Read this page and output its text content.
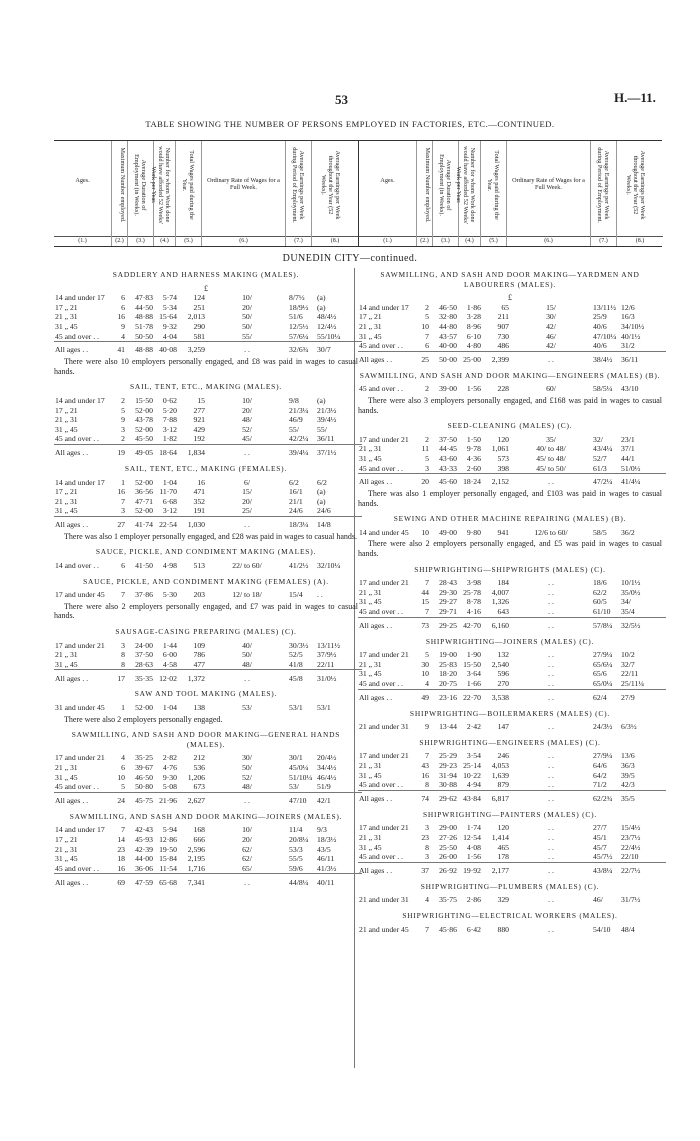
53	H.—11.
TABLE SHOWING THE NUMBER OF PERSONS EMPLOYED IN FACTORIES, ETC.—CONTINUED.
Ages.
(1.)
Maximum Number employed.
(2.)
Average Duration of Employment (in Weeks).
(3.)
Number for whom Work done would have afforded 52 Weeks' Work per Year.
(4.)
Total Wages paid during the Year.
(5.)
Ordinary Rate of Wages for a Full Week.
(6.)
Average Earnings per Week during Period of Employment.
(7.)
Average Earnings per Week throughout the Year (52 Weeks).
(8.)
Ages.
(1.)
Maximum Number employed.
(2.)
Average Duration of Employment (in Weeks).
(3.)
Number for whom Work done would have afforded 52 Weeks' Work per Year.
(4.)
Total Wages paid during the Year.
(5.)
Ordinary Rate of Wages for a Full Week.
(6.)
Average Earnings per Week during Period of Employment.
(7.)
Average Earnings per Week throughout the Year (52 Weeks).
(8.)
DUNEDIN CITY—continued.
SADDLERY AND HARNESS MAKING (MALES).
£
14 and under 17	6	47·83	5·74	124	10/	8/7½	(a)
17 „ 21	6	44·50	5·34	251	20/	18/9½	(a)
21 „ 31	16	48·88	15·64	2,013	50/	51/6	48/4½
31 „ 45	9	51·78	9·32	290	50/	12/5½	12/4½
45 and over . .	4	50·50	4·04	581	55/	57/6¼	55/10¼
All ages . .	41	48·88	40·08	3,259	. .	32/6¾	30/7
There were also 10 employers personally engaged, and £8 was paid in wages to casual hands.
SAIL, TENT, ETC., MAKING (MALES).
14 and under 17	2	15·50	0·62	15	10/	9/8	(a)
17 „ 21	5	52·00	5·20	277	20/	21/3¼	21/3½
21 „ 31	9	43·78	7·88	921	48/	46/9	39/4½
31 „ 45	3	52·00	3·12	429	52/	55/	55/
45 and over . .	2	45·50	1·82	192	45/	42/2¼	36/11
All ages . .	19	49·05	18·64	1,834	. .	39/4¼	37/1½
SAIL, TENT, ETC., MAKING (FEMALES).
14 and under 17	1	52·00	1·04	16	6/	6/2	6/2
17 „ 21	16	36·56	11·70	471	15/	16/1	(a)
21 „ 31	7	47·71	6·68	352	20/	21/1	(a)
31 „ 45	3	52·00	3·12	191	25/	24/6	24/6
All ages . .	27	41·74	22·54	1,030	. .	18/3¼	14/8
There was also 1 employer personally engaged, and £28 was paid in wages to casual hands.
SAUCE, PICKLE, AND CONDIMENT MAKING (MALES).
14 and over . .	6	41·50	4·98	513	22/ to 60/	41/2½	32/10¼
SAUCE, PICKLE, AND CONDIMENT MAKING (FEMALES) (A).
17 and under 45	7	37·86	5·30	203	12/ to 18/	15/4	. .
There were also 2 employers personally engaged, and £7 was paid in wages to casual hands.
SAUSAGE-CASING PREPARING (MALES) (C).
17 and under 21	3	24·00	1·44	109	40/	30/3½	13/11½
21 „ 31	8	37·50	6·00	786	50/	52/5	37/9½
31 „ 45	8	28·63	4·58	477	48/	41/8	22/11
All ages . .	17	35·35	12·02	1,372	. .	45/8	31/0½
SAW AND TOOL MAKING (MALES).
31 and under 45	1	52·00	1·04	138	53/	53/1	53/1
There were also 2 employers personally engaged.
SAWMILLING, AND SASH AND DOOR MAKING—GENERAL HANDS (MALES).
17 and under 21	4	35·25	2·82	212	30/	30/1	20/4½
21 „ 31	6	39·67	4·76	536	50/	45/0¼	34/4½
31 „ 45	10	46·50	9·30	1,206	52/	51/10¼	46/4½
45 and over . .	5	50·80	5·08	673	48/	53/	51/9
All ages . .	24	45·75	21·96	2,627	. .	47/10	42/1
SAWMILLING, AND SASH AND DOOR MAKING—JOINERS (MALES).
14 and under 17	7	42·43	5·94	168	10/	11/4	9/3
17 „ 21	14	45·93	12·86	666	20/	20/8¼	18/3½
21 „ 31	23	42·39	19·50	2,596	62/	53/3	43/5
31 „ 45	18	44·00	15·84	2,195	62/	55/5	46/11
45 and over . .	16	36·06	11·54	1,716	65/	59/6	41/3½
All ages . .	69	47·59	65·68	7,341	. .	44/8¼	40/11
SAWMILLING, AND SASH AND DOOR MAKING—YARDMEN AND LABOURERS (MALES).
£
14 and under 17	2	46·50	1·86	65	15/	13/11½	12/6
17 „ 21	5	32·80	3·28	211	30/	25/9	16/3
21 „ 31	10	44·80	8·96	907	42/	40/6	34/10½
31 „ 45	7	43·57	6·10	730	46/	47/10¼	40/1½
45 and over . .	6	40·00	4·80	486	42/	40/6	31/2
All ages . .	25	50·00	25·00	2,399	. .	38/4½	36/11
SAWMILLING, AND SASH AND DOOR MAKING—ENGINEERS (MALES) (B).
45 and over . .	2	39·00	1·56	228	60/	58/5¼	43/10
There were also 3 employers personally engaged, and £168 was paid in wages to casual hands.
SEED-CLEANING (MALES) (C).
17 and under 21	2	37·50	1·50	120	35/	32/	23/1
21 „ 31	11	44·45	9·78	1,061	40/ to 48/	43/4¼	37/1
31 „ 45	5	43·60	4·36	573	45/ to 48/	52/7	44/1
45 and over . .	3	43·33	2·60	398	45/ to 50/	61/3	51/0½
All ages . .	20	45·60	18·24	2,152	. .	47/2¼	41/4¼
There was also 1 employer personally engaged, and £103 was paid in wages to casual hands.
SEWING AND OTHER MACHINE REPAIRING (MALES) (B).
14 and under 45	10	49·00	9·80	941	12/6 to 60/	58/5	36/2
There were also 2 employers personally engaged, and £5 was paid in wages to casual hands.
SHIPWRIGHTING—SHIPWRIGHTS (MALES) (C).
17 and under 21	7	28·43	3·98	184	. .	18/6	10/1½
21 „ 31	44	29·30	25·78	4,007	. .	62/2	35/0½
31 „ 45	15	29·27	8·78	1,326	. .	60/5	34/
45 and over . .	7	29·71	4·16	643	. .	61/10	35/4
All ages . .	73	29·25	42·70	6,160	. .	57/8¼	32/5½
SHIPWRIGHTING—JOINERS (MALES) (C).
17 and under 21	5	19·00	1·90	132	. .	27/9¼	10/2
21 „ 31	30	25·83	15·50	2,540	. .	65/6¼	32/7
31 „ 45	10	18·20	3·64	596	. .	65/6	22/11
45 and over . .	4	20·75	1·66	270	. .	65/0¼	25/11¼
All ages . .	49	23·16	22·70	3,538	. .	62/4	27/9
SHIPWRIGHTING—BOILERMAKERS (MALES) (C).
21 and under 31	9	13·44	2·42	147	. .	24/3½	6/3½
SHIPWRIGHTING—ENGINEERS (MALES) (C).
17 and under 21	7	25·29	3·54	246	. .	27/9¼	13/6
21 „ 31	43	29·23	25·14	4,053	. .	64/6	36/3
31 „ 45	16	31·94	10·22	1,639	. .	64/2	39/5
45 and over . .	8	30·88	4·94	879	. .	71/2	42/3
All ages . .	74	29·62	43·84	6,817	. .	62/2¾	35/5
SHIPWRIGHTING—PAINTERS (MALES) (C).
17 and under 21	3	29·00	1·74	120	. .	27/7	15/4½
21 „ 31	23	27·26	12·54	1,414	. .	45/1	23/7½
31 „ 45	8	25·50	4·08	465	. .	45/7	22/4½
45 and over . .	3	26·00	1·56	178	. .	45/7½	22/10
All ages . .	37	26·92	19·92	2,177	. .	43/8¼	22/7½
SHIPWRIGHTING—PLUMBERS (MALES) (C).
21 and under 31	4	35·75	2·86	329	. .	46/	31/7½
SHIPWRIGHTING—ELECTRICAL WORKERS (MALES).
21 and under 45	7	45·86	6·42	880	. .	54/10	48/4
